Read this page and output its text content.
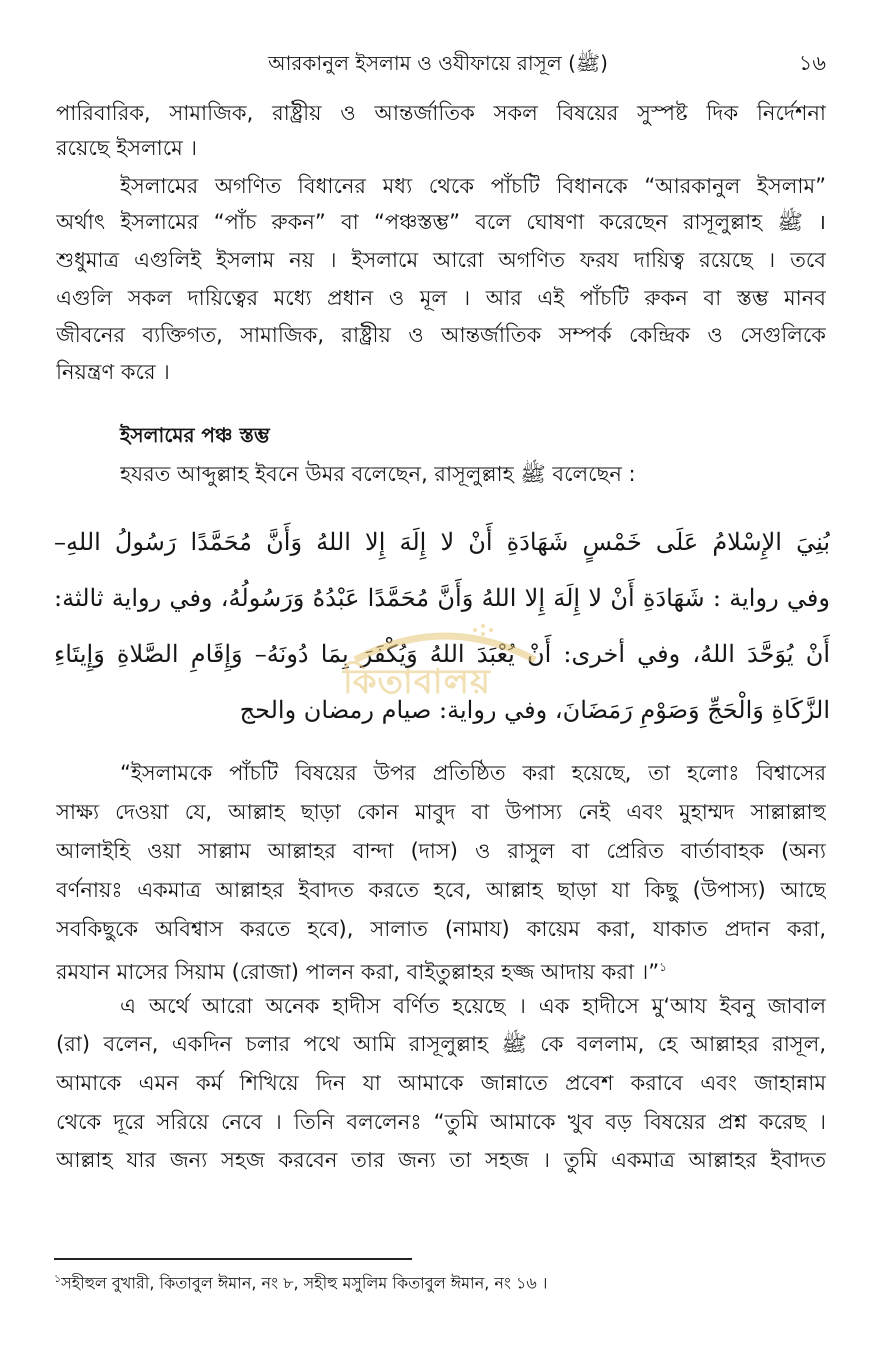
আরকানুল ইসলাম ও ওযীফায়ে রাসূল (ﷺ)	১৬
পারিবারিক, সামাজিক, রাষ্ট্রীয় ও আন্তর্জাতিক সকল বিষয়ের সুস্পষ্ট দিক নির্দেশনা
রয়েছে ইসলামে ।
ইসলামের অগণিত বিধানের মধ্য থেকে পাঁচটি বিধানকে “আরকানুল ইসলাম”
অর্থাৎ ইসলামের “পাঁচ রুকন” বা “পঞ্চস্তম্ভ” বলে ঘোষণা করেছেন রাসূলুল্লাহ ﷺ ।
শুধুমাত্র এগুলিই ইসলাম নয় । ইসলামে আরো অগণিত ফরয দায়িত্ব রয়েছে । তবে
এগুলি সকল দায়িত্বের মধ্যে প্রধান ও মূল । আর এই পাঁচটি রুকন বা স্তম্ভ মানব
জীবনের ব্যক্তিগত, সামাজিক, রাষ্ট্রীয় ও আন্তর্জাতিক সম্পর্ক কেন্দ্রিক ও সেগুলিকে
নিয়ন্ত্রণ করে ।
ইসলামের পঞ্চ স্তম্ভ
হযরত আব্দুল্লাহ ইবনে উমর বলেছেন, রাসূলুল্লাহ ﷺ বলেছেন :
بُنِيَ الإِسْلامُ عَلَى خَمْسٍ شَهَادَةِ أَنْ لا إِلَهَ إِلا اللهُ وَأَنَّ مُحَمَّدًا رَسُولُ اللهِ–
وفي رواية : شَهَادَةِ أَنْ لا إِلَهَ إِلا اللهُ وَأَنَّ مُحَمَّدًا عَبْدُهُ وَرَسُولُهُ، وفي رواية ثالثة:
أَنْ يُوَحَّدَ اللهُ، وفي أخرى: أَنْ يُعْبَدَ اللهُ وَيُكْفَرَ بِمَا دُونَهُ– وَإِقَامِ الصَّلاةِ وَإِيتَاءِ
الزَّكَاةِ وَالْحَجِّ وَصَوْمِ رَمَضَانَ، وفي رواية: صيام رمضان والحج
কিতাবালয়
“ইসলামকে পাঁচটি বিষয়ের উপর প্রতিষ্ঠিত করা হয়েছে, তা হলোঃ বিশ্বাসের
সাক্ষ্য দেওয়া যে, আল্লাহ ছাড়া কোন মাবুদ বা উপাস্য নেই এবং মুহাম্মদ সাল্লাল্লাহু
আলাইহি ওয়া সাল্লাম আল্লাহর বান্দা (দাস) ও রাসুল বা প্রেরিত বার্তাবাহক (অন্য
বর্ণনায়ঃ একমাত্র আল্লাহর ইবাদত করতে হবে, আল্লাহ ছাড়া যা কিছু (উপাস্য) আছে
সবকিছুকে অবিশ্বাস করতে হবে), সালাত (নামায) কায়েম করা, যাকাত প্রদান করা,
রমযান মাসের সিয়াম (রোজা) পালন করা, বাইতুল্লাহর হজ্জ আদায় করা ।”$^১$
এ অর্থে আরো অনেক হাদীস বর্ণিত হয়েছে । এক হাদীসে মু‘আয ইবনু জাবাল
(রা) বলেন, একদিন চলার পথে আমি রাসূলুল্লাহ ﷺ কে বললাম, হে আল্লাহর রাসূল,
আমাকে এমন কর্ম শিখিয়ে দিন যা আমাকে জান্নাতে প্রবেশ করাবে এবং জাহান্নাম
থেকে দূরে সরিয়ে নেবে । তিনি বললেনঃ “তুমি আমাকে খুব বড় বিষয়ের প্রশ্ন করেছ ।
আল্লাহ যার জন্য সহজ করবেন তার জন্য তা সহজ । তুমি একমাত্র আল্লাহর ইবাদত
$^১$সহীহুল বুখারী, কিতাবুল ঈমান, নং ৮, সহীহু মসুলিম কিতাবুল ঈমান, নং ১৬ ।
